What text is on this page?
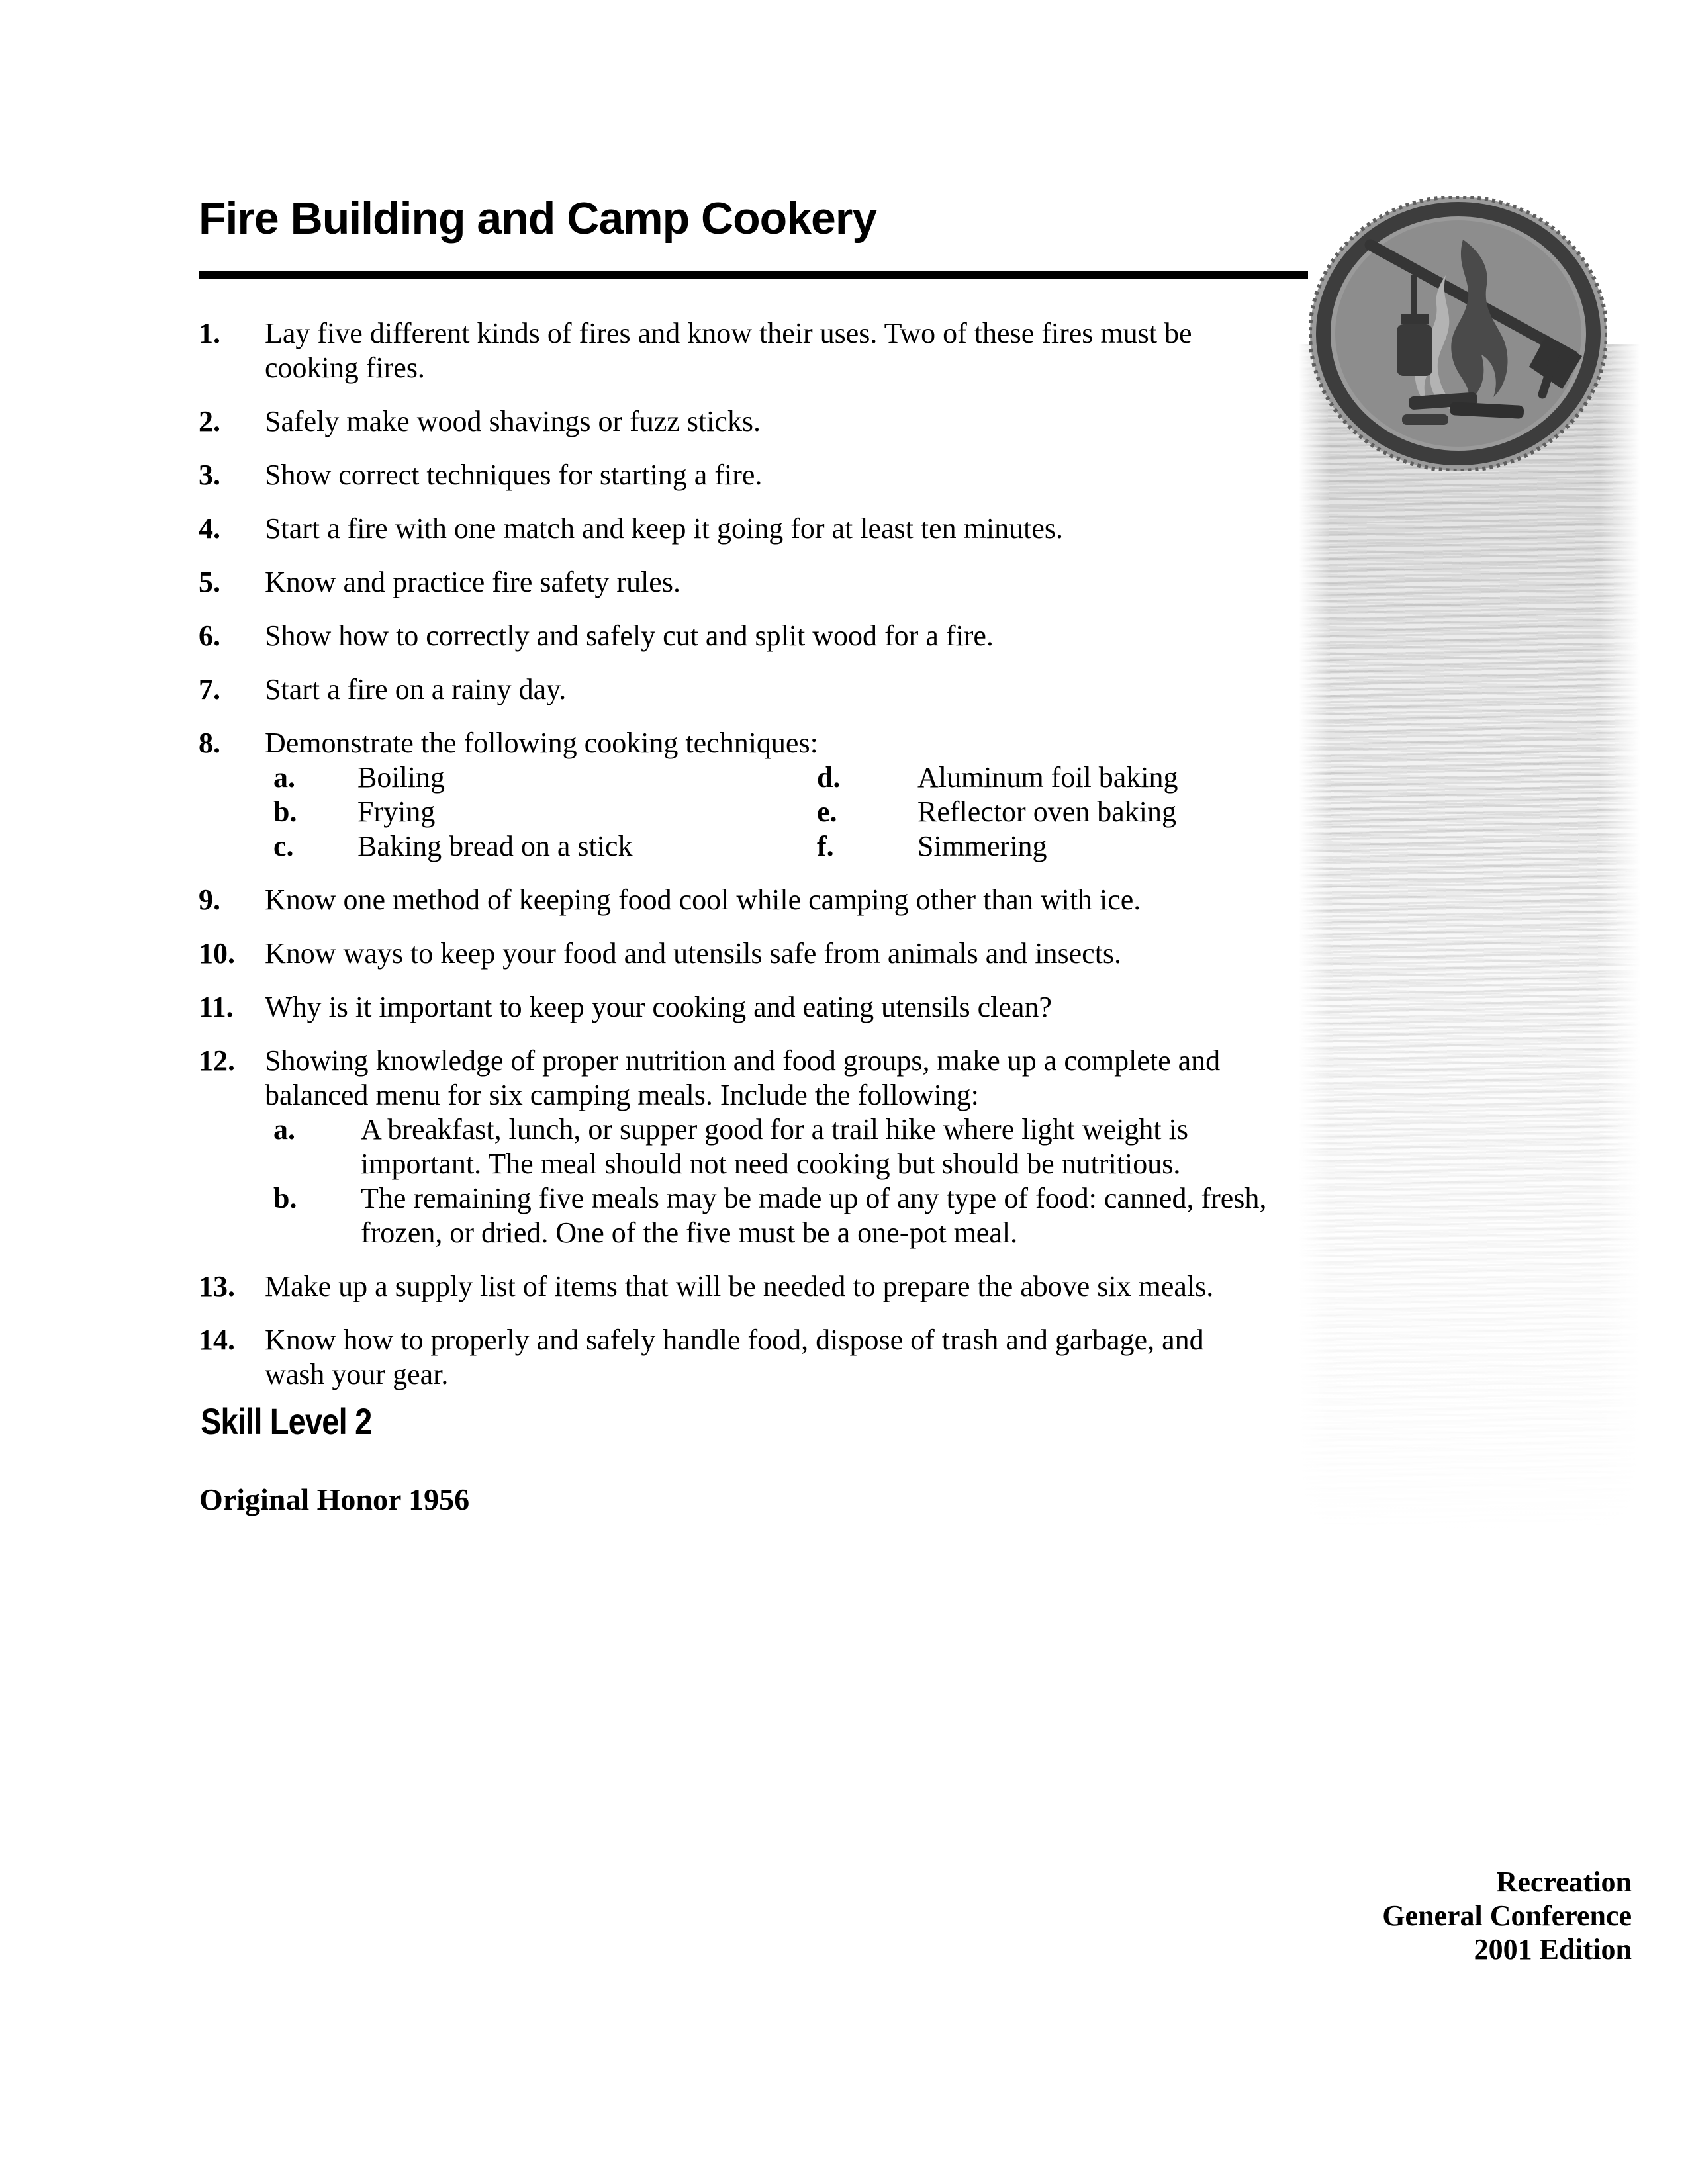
Fire Building and Camp Cookery
1.	Lay five different kinds of fires and know their uses. Two of these fires must be cooking fires.
2.	Safely make wood shavings or fuzz sticks.
3.	Show correct techniques for starting a fire.
4.	Start a fire with one match and keep it going for at least ten minutes.
5.	Know and practice fire safety rules.
6.	Show how to correctly and safely cut and split wood for a fire.
7.	Start a fire on a rainy day.
8.	Demonstrate the following cooking techniques:
a.	Boiling	d.	Aluminum foil baking
b.	Frying	e.	Reflector oven baking
c.	Baking bread on a stick	f.	Simmering
9.	Know one method of keeping food cool while camping other than with ice.
10.	Know ways to keep your food and utensils safe from animals and insects.
11.	Why is it important to keep your cooking and eating utensils clean?
12.	Showing knowledge of proper nutrition and food groups, make up a complete and balanced menu for six camping meals. Include the following:
a.	A breakfast, lunch, or supper good for a trail hike where light weight is important. The meal should not need cooking but should be nutritious.
b.	The remaining five meals may be made up of any type of food: canned, fresh, frozen, or dried. One of the five must be a one-pot meal.
13.	Make up a supply list of items that will be needed to prepare the above six meals.
14.	Know how to properly and safely handle food, dispose of trash and garbage, and wash your gear.
Skill Level 2
Original Honor 1956
Recreation
General Conference
2001 Edition
